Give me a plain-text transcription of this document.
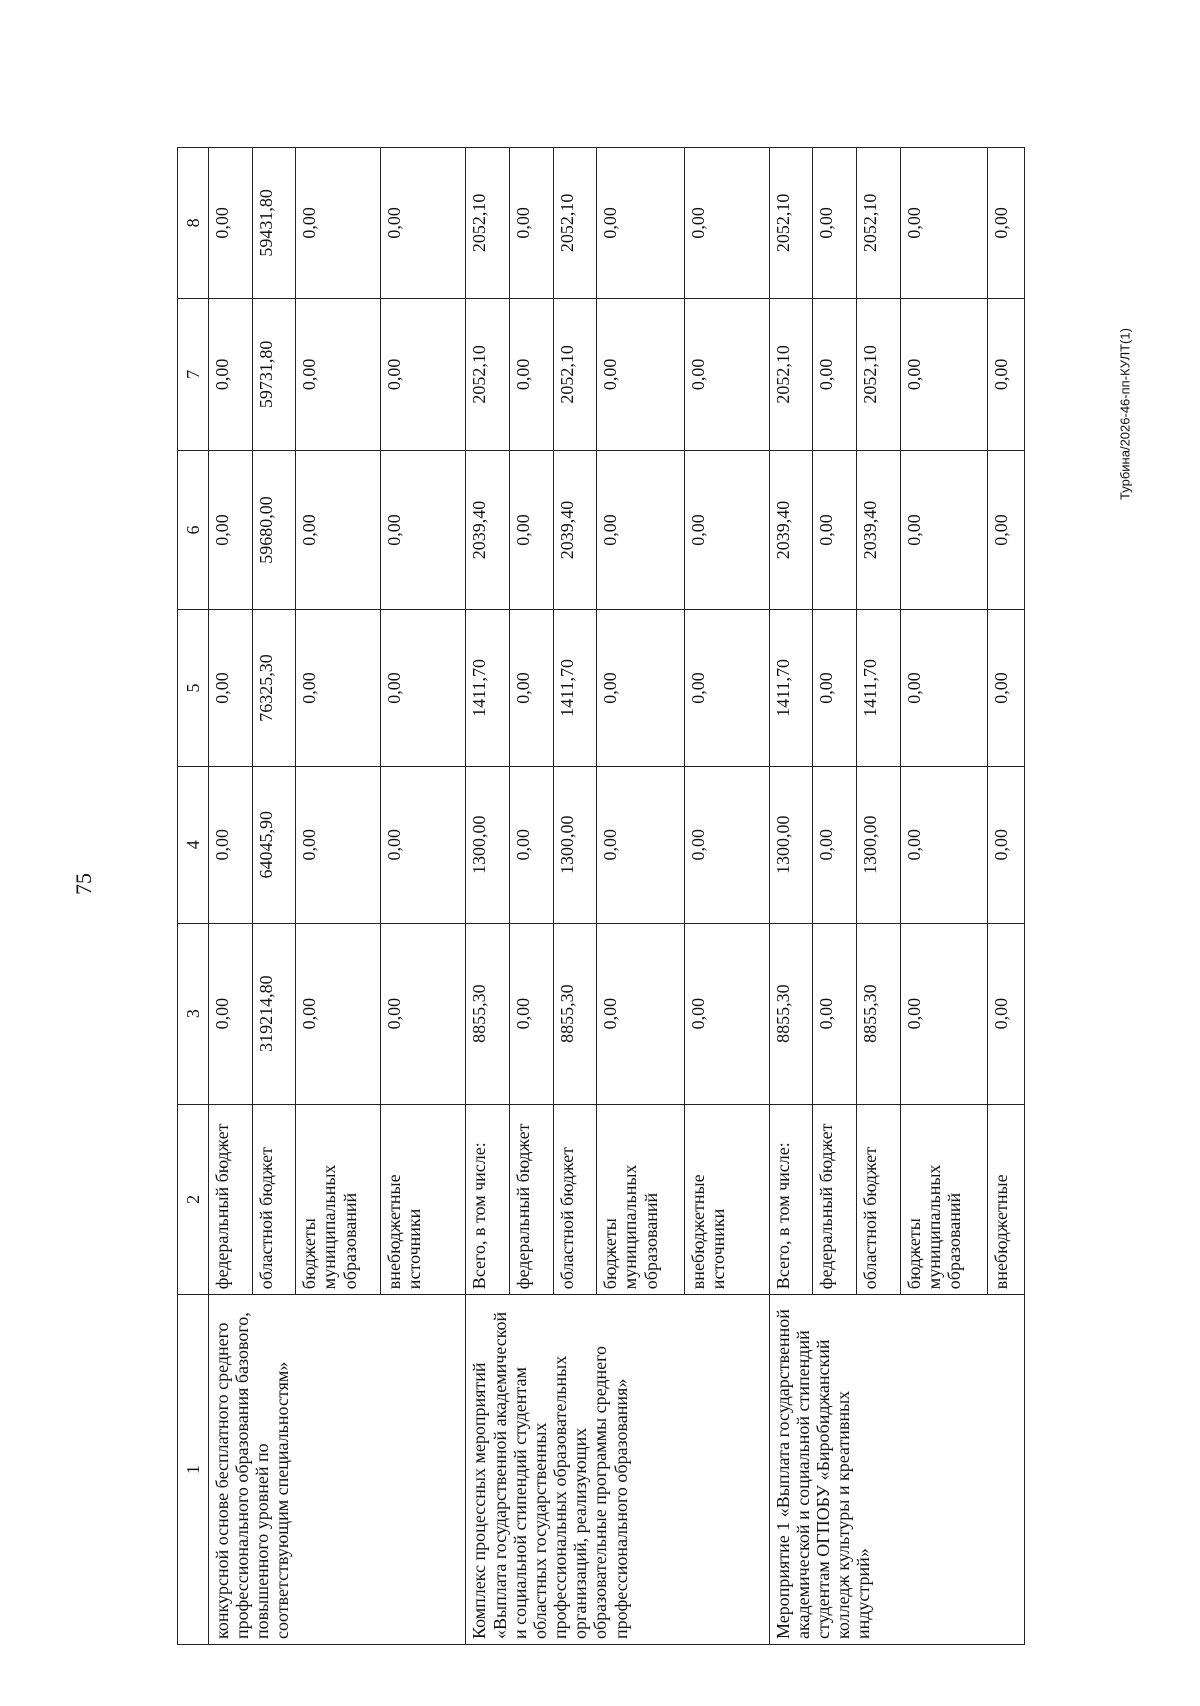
75
Турбина/2026-46-пп-КУЛТ(1)
1	2	3	4	5	6	7	8
конкурсной основе бесплатного среднего профессионального образования базового, повышенного уровней по соответствующим специальностям»	федеральный бюджет	0,00	0,00	0,00	0,00	0,00	0,00
	областной бюджет	319214,80	64045,90	76325,30	59680,00	59731,80	59431,80
	бюджеты муниципальных образований	0,00	0,00	0,00	0,00	0,00	0,00
	внебюджетные источники	0,00	0,00	0,00	0,00	0,00	0,00
Комплекс процессных мероприятий «Выплата государственной академической и социальной стипендий студентам областных государственных профессиональных образовательных организаций, реализующих образовательные программы среднего профессионального образования»	Всего, в том числе:	8855,30	1300,00	1411,70	2039,40	2052,10	2052,10
	федеральный бюджет	0,00	0,00	0,00	0,00	0,00	0,00
	областной бюджет	8855,30	1300,00	1411,70	2039,40	2052,10	2052,10
	бюджеты муниципальных образований	0,00	0,00	0,00	0,00	0,00	0,00
	внебюджетные источники	0,00	0,00	0,00	0,00	0,00	0,00
Мероприятие 1 «Выплата государственной академической и социальной стипендий студентам ОГПОБУ «Биробиджанский колледж культуры и креативных индустрий»	Всего, в том числе:	8855,30	1300,00	1411,70	2039,40	2052,10	2052,10
	федеральный бюджет	0,00	0,00	0,00	0,00	0,00	0,00
	областной бюджет	8855,30	1300,00	1411,70	2039,40	2052,10	2052,10
	бюджеты муниципальных образований	0,00	0,00	0,00	0,00	0,00	0,00
	внебюджетные	0,00	0,00	0,00	0,00	0,00	0,00
